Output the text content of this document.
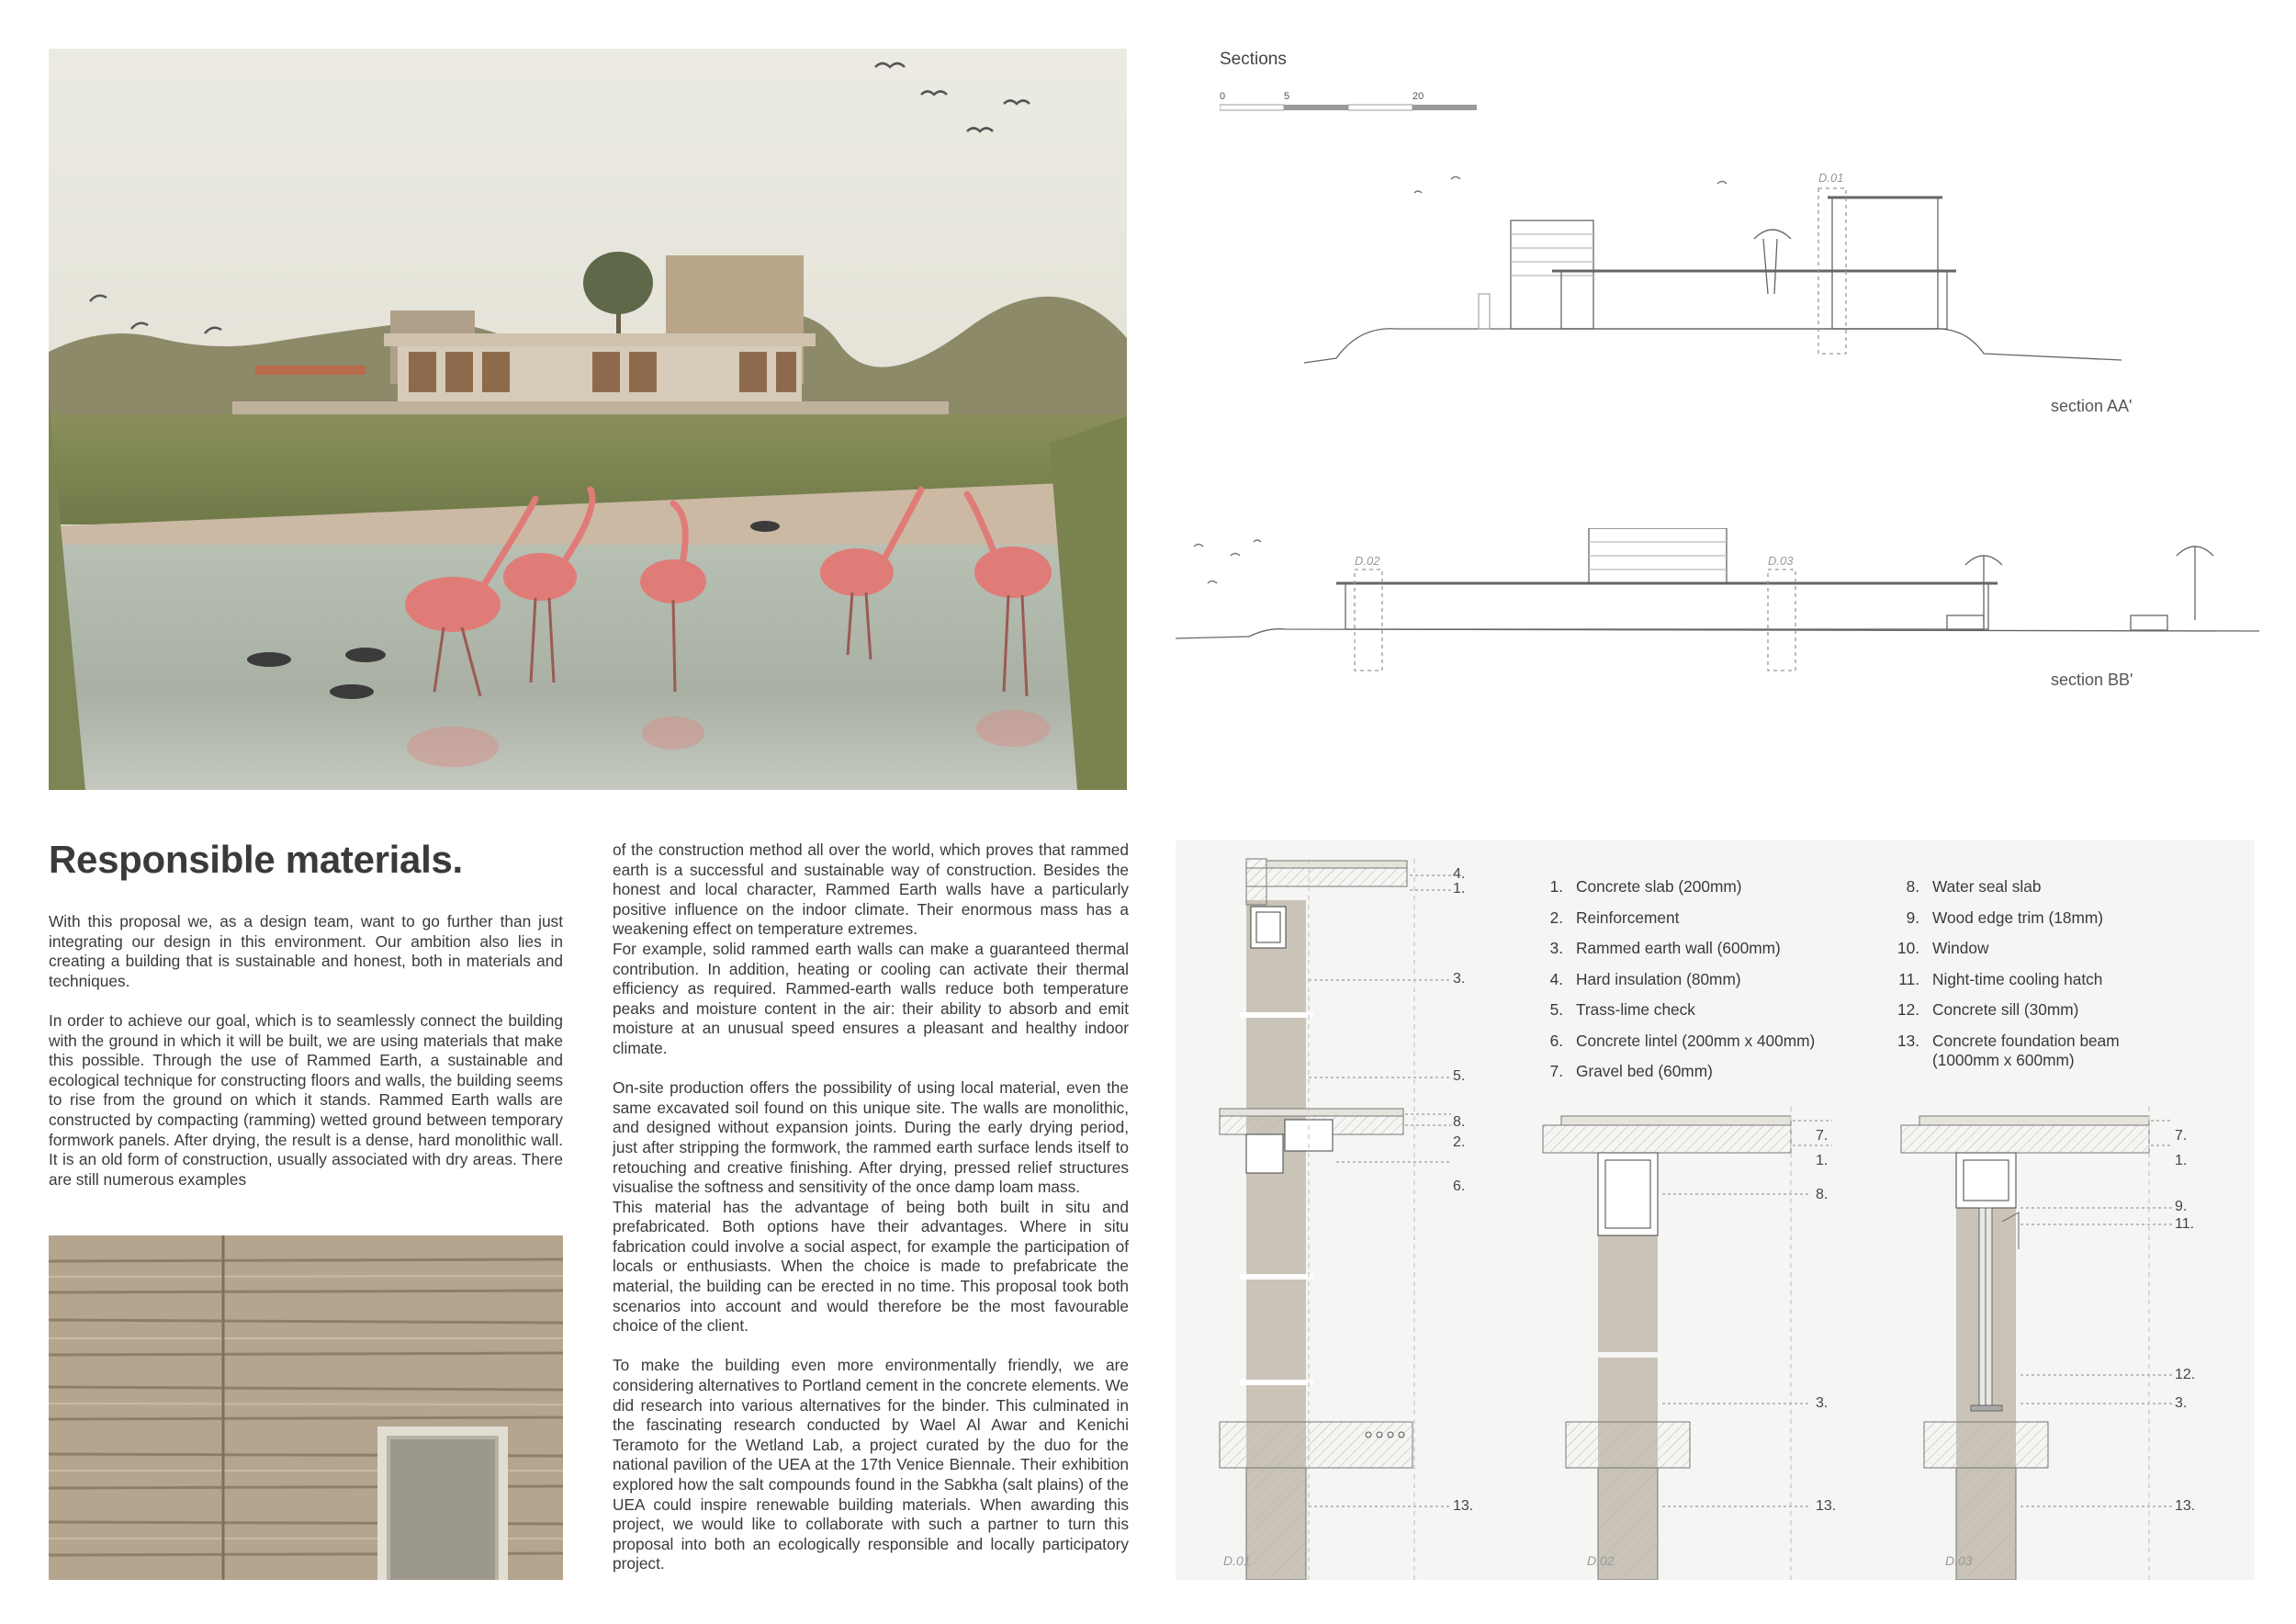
Sections
0	5	20
D.01
section AA'
D.02	D.03
section BB'
Responsible materials.

With this proposal we, as a design team, want to go further than just integrating our design in this environment. Our ambition also lies in creating a building that is sustainable and honest, both in materials and techniques.

In order to achieve our goal, which is to seamlessly connect the building with the ground in which it will be built, we are using materials that make this possible. Through the use of Rammed Earth, a sustainable and ecological technique for constructing floors and walls, the building seems to rise from the ground on which it stands. Rammed Earth walls are constructed by compacting (ramming) wetted ground between temporary formwork panels. After drying, the result is a dense, hard monolithic wall. It is an old form of construction, usually associated with dry areas. There are still numerous examples

of the construction method all over the world, which proves that rammed earth is a successful and sustainable way of construction. Besides the honest and local character, Rammed Earth walls have a particularly positive influence on the indoor climate. Their enormous mass has a weakening effect on temperature extremes.

For example, solid rammed earth walls can make a guaranteed thermal contribution. In addition, heating or cooling can activate their thermal efficiency as required. Rammed-earth walls reduce both temperature peaks and moisture content in the air: their ability to absorb and emit moisture at an unusual speed ensures a pleasant and healthy indoor climate.

On-site production offers the possibility of using local material, even the same excavated soil found on this unique site. The walls are monolithic, and designed without expansion joints. During the early drying period, just after stripping the formwork, the rammed earth surface lends itself to retouching and creative finishing. After drying, pressed relief structures visualise the softness and sensitivity of the once damp loam mass.

This material has the advantage of being both built in situ and prefabricated. Both options have their advantages. Where in situ fabrication could involve a social aspect, for example the participation of locals or enthusiasts. When the choice is made to prefabricate the material, the building can be erected in no time. This proposal took both scenarios into account and would therefore be the most favourable choice of the client.

To make the building even more environmentally friendly, we are considering alternatives to Portland cement in the concrete elements. We did research into various alternatives for the binder. This culminated in the fascinating research conducted by Wael Al Awar and Kenichi Teramoto for the Wetland Lab, a project curated by the duo for the national pavilion of the UEA at the 17th Venice Biennale. Their exhibition explored how the salt compounds found in the Sabkha (salt plains) of the UEA could inspire renewable building materials. When awarding this project, we would like to collaborate with such a partner to turn this proposal into both an ecologically responsible and locally participatory project.

1. Concrete slab (200mm)
2. Reinforcement
3. Rammed earth wall (600mm)
4. Hard insulation (80mm)
5. Trass-lime check
6. Concrete lintel (200mm x 400mm)
7. Gravel bed (60mm)
8. Water seal slab
9. Wood edge trim (18mm)
10. Window
11. Night-time cooling hatch
12. Concrete sill (30mm)
13. Concrete foundation beam (1000mm x 600mm)
4.
1.
3.
5.
8.
2.
6.
13.
7.
1.
8.
3.
13.
7.
1.
9.
11.
12.
3.
13.
D.01	D.02	D.03
